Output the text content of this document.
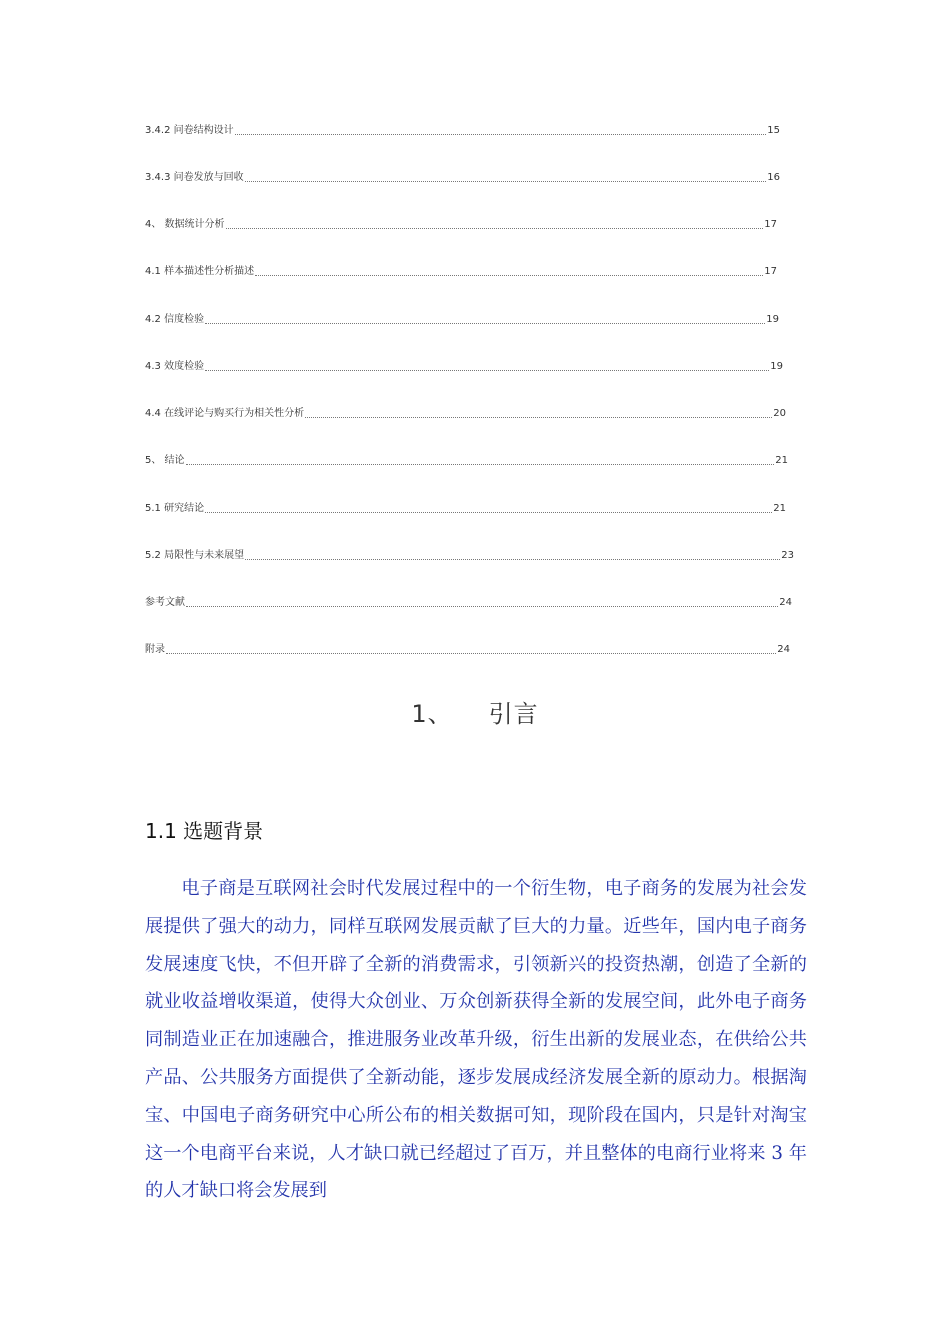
3.4.2 问卷结构设计	15
3.4.3 问卷发放与回收	16
4、 数据统计分析	17
4.1 样本描述性分析描述	17
4.2 信度检验	19
4.3 效度检验	19
4.4 在线评论与购买行为相关性分析	20
5、 结论	21
5.1 研究结论	21
5.2 局限性与未来展望	23
参考文献	24
附录	24
1、 引言
1.1 选题背景
电子商是互联网社会时代发展过程中的一个衍生物，电子商务的发展为社会发展提供了强大的动力，同样互联网发展贡献了巨大的力量。近些年，国内电子商务发展速度飞快，不但开辟了全新的消费需求，引领新兴的投资热潮，创造了全新的就业收益增收渠道，使得大众创业、万众创新获得全新的发展空间，此外电子商务同制造业正在加速融合，推进服务业改革升级，衍生出新的发展业态，在供给公共产品、公共服务方面提供了全新动能，逐步发展成经济发展全新的原动力。根据淘宝、中国电子商务研究中心所公布的相关数据可知，现阶段在国内，只是针对淘宝这一个电商平台来说，人才缺口就已经超过了百万，并且整体的电商行业将来 3 年的人才缺口将会发展到
